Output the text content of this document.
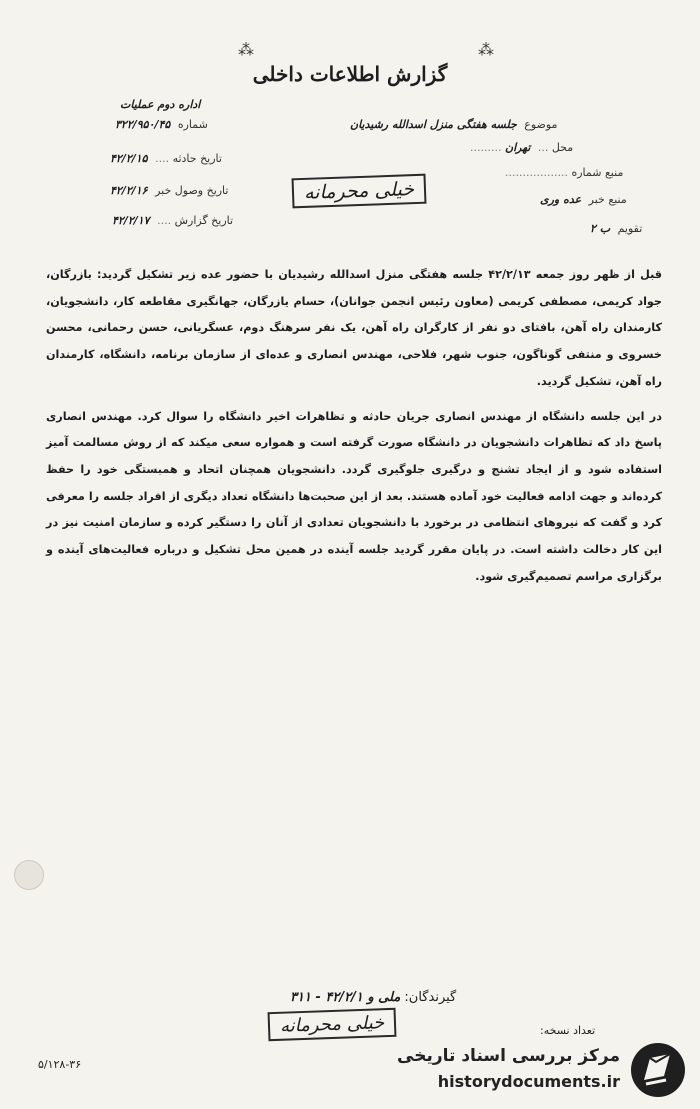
⁂	⁂
گزارش اطلاعات داخلی
اداره دوم عملیات
شماره ۳۲۲/۹۵۰/۴۵
تاریخ حادثه .... ۴۲/۲/۱۵
تاریخ وصول خبر ۴۲/۲/۱۶
تاریخ گزارش .... ۴۲/۲/۱۷
موضوع جلسه هفتگی منزل اسدالله رشیدیان
محل ... تهران .........
منبع شماره ..................
منبع خبر عده وری
تقویم ب ۲
خیلی محرمانه

قبل از ظهر روز جمعه ۴۲/۲/۱۳ جلسه هفتگی منزل اسدالله رشیدیان با حضور عده زیر تشکیل گردید: بازرگان، جواد کریمی، مصطفی کریمی (معاون رئیس انجمن جوانان)، حسام یازرگان، جهانگیری مقاطعه کار، دانشجویان، کارمندان راه آهن، بافتای دو نفر از کارگران راه آهن، یک نفر سرهنگ دوم، عسگریانی، حسن رحمانی، محسن خسروی و منتفی گوناگون، جنوب شهر، فلاحی، مهندس انصاری و عده‌ای از سازمان برنامه، دانشگاه، کارمندان راه آهن، تشکیل گردید.

در این جلسه دانشگاه از مهندس انصاری جریان حادثه و تظاهرات اخیر دانشگاه را سوال کرد. مهندس انصاری پاسخ داد که تظاهرات دانشجویان در دانشگاه صورت گرفته است و همواره سعی میکند که از روش مسالمت آمیز استفاده شود و از ایجاد تشنج و درگیری جلوگیری گردد. دانشجویان همچنان اتحاد و همبستگی خود را حفظ کرده‌اند و جهت ادامه فعالیت خود آماده هستند. بعد از این صحبت‌ها دانشگاه تعداد دیگری از افراد جلسه را معرفی کرد و گفت که نیروهای انتظامی در برخورد با دانشجویان تعدادی از آنان را دستگیر کرده و سازمان امنیت نیز در این کار دخالت داشته است. در پایان مقرر گردید جلسه آینده در همین محل تشکیل و درباره فعالیت‌های آینده و برگزاری مراسم تصمیم‌گیری شود.

گیرندگان: ملی و ۴۲/۲/۱ - ۳۱۱
خیلی محرمانه	تعداد نسخه:
۵/۱۲۸-۳۶	مرکز بررسی اسناد تاریخی
historydocuments.ir
